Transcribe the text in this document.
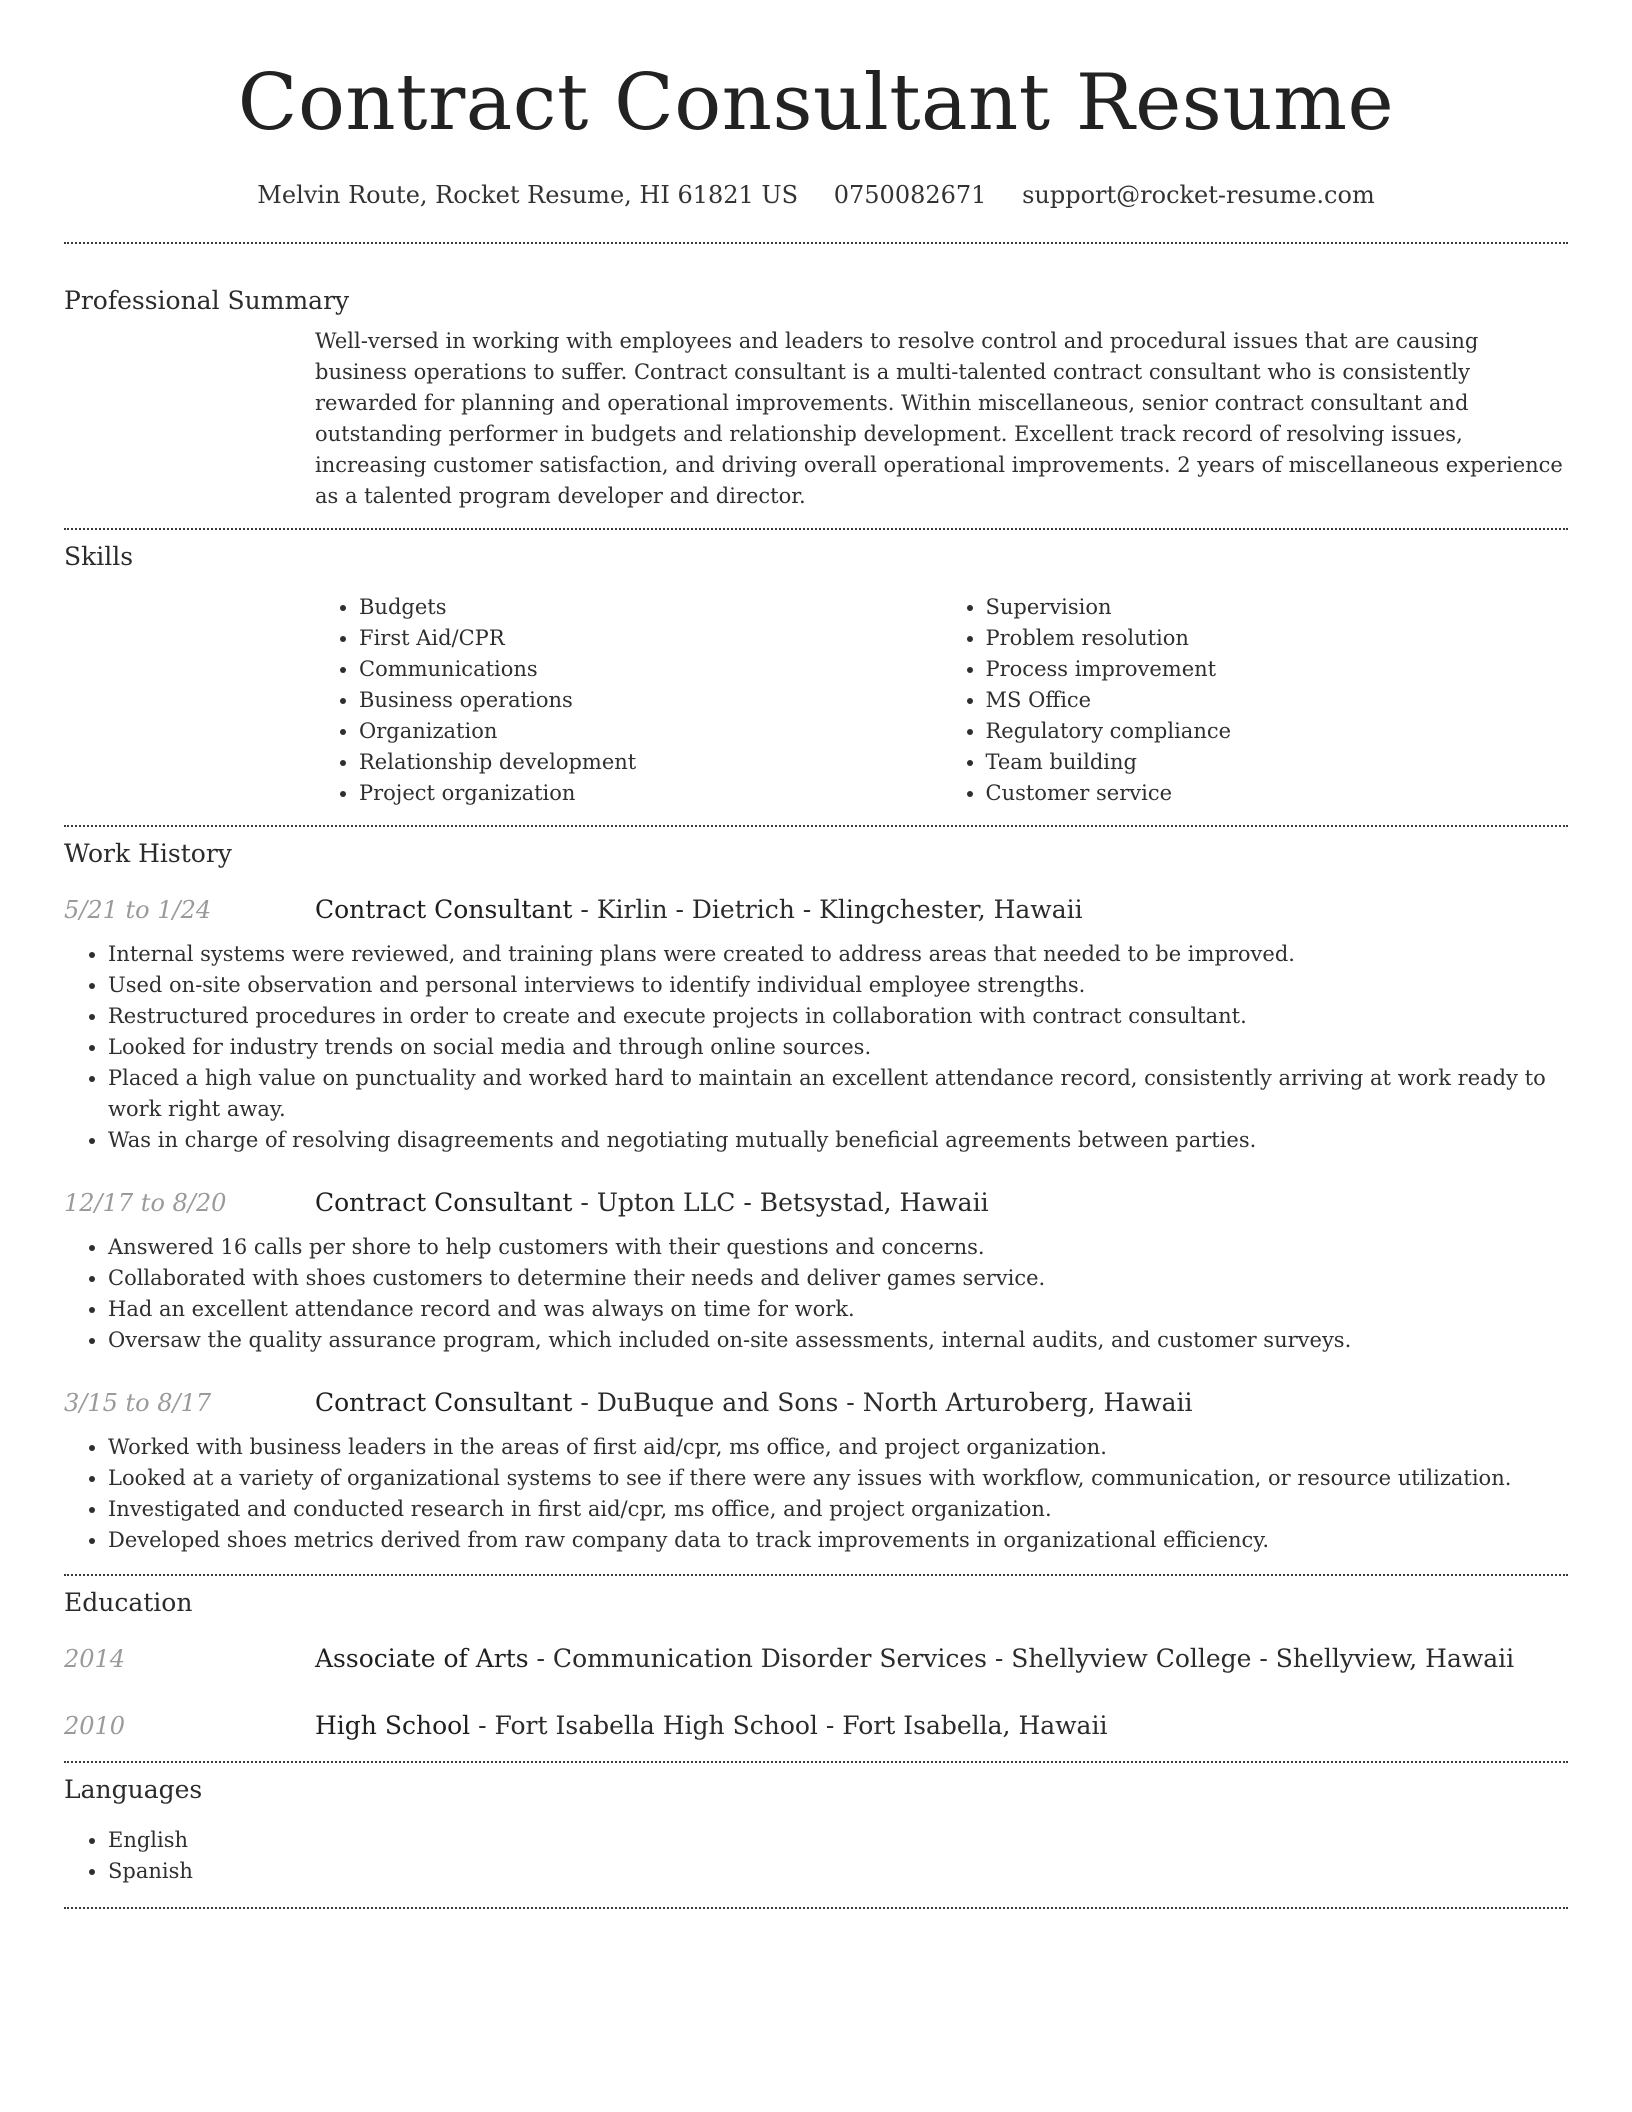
Contract Consultant Resume
Melvin Route, Rocket Resume, HI 61821 US 0750082671 support@rocket-resume.com
Professional Summary

Well-versed in working with employees and leaders to resolve control and procedural issues that are causing business operations to suffer. Contract consultant is a multi-talented contract consultant who is consistently rewarded for planning and operational improvements. Within miscellaneous, senior contract consultant and outstanding performer in budgets and relationship development. Excellent track record of resolving issues, increasing customer satisfaction, and driving overall operational improvements. 2 years of miscellaneous experience as a talented program developer and director.

Skills
• Budgets
• First Aid/CPR
• Communications
• Business operations
• Organization
• Relationship development
• Project organization
• Supervision
• Problem resolution
• Process improvement
• MS Office
• Regulatory compliance
• Team building
• Customer service
Work History
5/21 to 1/24	Contract Consultant - Kirlin - Dietrich - Klingchester, Hawaii
• Internal systems were reviewed, and training plans were created to address areas that needed to be improved.
• Used on-site observation and personal interviews to identify individual employee strengths.
• Restructured procedures in order to create and execute projects in collaboration with contract consultant.
• Looked for industry trends on social media and through online sources.
• Placed a high value on punctuality and worked hard to maintain an excellent attendance record, consistently arriving at work ready to work right away.
• Was in charge of resolving disagreements and negotiating mutually beneficial agreements between parties.
12/17 to 8/20	Contract Consultant - Upton LLC - Betsystad, Hawaii
• Answered 16 calls per shore to help customers with their questions and concerns.
• Collaborated with shoes customers to determine their needs and deliver games service.
• Had an excellent attendance record and was always on time for work.
• Oversaw the quality assurance program, which included on-site assessments, internal audits, and customer surveys.
3/15 to 8/17	Contract Consultant - DuBuque and Sons - North Arturoberg, Hawaii
• Worked with business leaders in the areas of first aid/cpr, ms office, and project organization.
• Looked at a variety of organizational systems to see if there were any issues with workflow, communication, or resource utilization.
• Investigated and conducted research in first aid/cpr, ms office, and project organization.
• Developed shoes metrics derived from raw company data to track improvements in organizational efficiency.
Education
2014	Associate of Arts - Communication Disorder Services - Shellyview College - Shellyview, Hawaii
2010	High School - Fort Isabella High School - Fort Isabella, Hawaii
Languages
• English
• Spanish
